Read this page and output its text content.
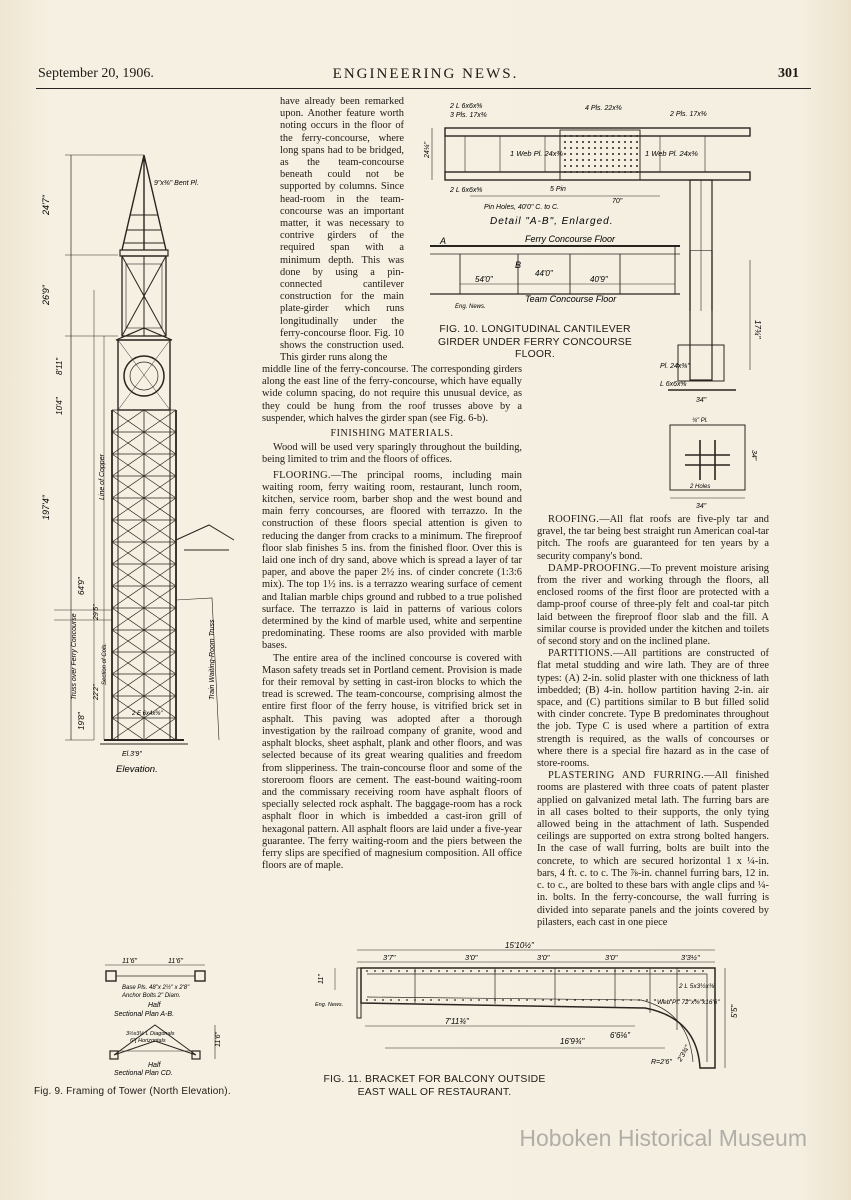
ENGINEERING NEWS.
September 20, 1906.	301
24'7"
26'9"
8'11"
10'4"
197'4"
64'9"
19'8"
22'2"
29'5"
9"x⅜" Bent Pl.
Line of Copper
Truss over Ferry Concourse	Train Waiting-Room Truss
El.3'9"
Section of Cols.
2 E 6x4x⅜"
Elevation.
11'6"	11'6"
11'6"
Base Pls. 48"x 2½" x 2'8"
Anchor Bolts 2" Diam.
Half
Sectional Plan A-B.
3½x3½ L Diagonals
6"[ Horizontals
Half
Sectional Plan CD.
Fig. 9. Framing of Tower (North Elevation).

have already been remarked upon. Another feature worth noting occurs in the floor of the ferry-concourse, where long spans had to be bridged, as the team-concourse beneath could not be supported by columns. Since head-room in the team-concourse was an important matter, it was necessary to contrive girders of the required span with a minimum depth. This was done by using a pin-connected cantilever construction for the main plate-girder which runs longitudinally under the ferry-concourse floor. Fig. 10 shows the construction used. This girder runs along the

middle line of the ferry-concourse. The corresponding girders along the east line of the ferry-concourse, which have equally wide column spacing, do not require this unusual device, as they could be hung from the roof trusses above by a suspender, which halves the girder span (see Fig. 6-b).

FINISHING MATERIALS.

Wood will be used very sparingly throughout the building, being limited to trim and the floors of offices.

FLOORING.—The principal rooms, including main waiting room, ferry waiting room, restaurant, lunch room, kitchen, service room, barber shop and the west bound and main ferry concourses, are floored with terrazzo. In the construction of these floors special attention is given to reducing the danger from cracks to a minimum. The fireproof floor slab finishes 5 ins. from the finished floor. Over this is laid one inch of dry sand, above which is spread a layer of tar paper, and above the paper 2½ ins. of cinder concrete (1:3:6 mix). The top 1½ ins. is a terrazzo wearing surface of cement and Italian marble chips ground and rubbed to a true polished surface. The terrazzo is laid in patterns of various colors determined by the kind of marble used, white and serpentine predominating. These rooms are also provided with marble bases.

The entire area of the inclined concourse is covered with Mason safety treads set in Portland cement. Provision is made for their removal by setting in cast-iron blocks to which the tread is screwed. The team-concourse, comprising almost the entire first floor of the ferry house, is vitrified brick set in asphalt. This paving was adopted after a thorough investigation by the railroad company of granite, wood and asphalt blocks, sheet asphalt, plank and other floors, and was selected because of its great wearing qualities and freedom from slipperiness. The train-concourse floor and some of the storeroom floors are cement. The east-bound waiting-room and the commissary receiving room have asphalt floors of specially selected rock asphalt. The baggage-room has a rock asphalt floor in which is imbedded a cast-iron grill of hexagonal pattern. All asphalt floors are laid under a five-year guarantee. The ferry waiting-room and the piers between the ferry slips are specified of magnesium composition. All office floors are of maple.

2 L 6x6x⅝
3 Pls. 17x⅜
1 Web Pl. 24x⅜	1 Web Pl. 24x⅜
4 Pls. 22x⅜
5 Pin
2 Pls. 17x⅜
2 L 6x6x⅝
Pin Holes, 40'0" C. to C.
70"
24¼"
Detail "A-B", Enlarged.
A
B
Ferry Concourse Floor
Team Concourse Floor
54'0"
44'0"
40'9"
Eng. News.
FIG. 10. LONGITUDINAL CANTILEVER GIRDER UNDER FERRY CONCOURSE FLOOR.
17¾"
Pl. 24x⅜"
L 6x6x⅝
34"
¾" Pl.
2 Holes
34"
34"

ROOFING.—All flat roofs are five-ply tar and gravel, the tar being best straight run American coal-tar pitch. The roofs are guaranteed for ten years by a security company's bond.

DAMP-PROOFING.—To prevent moisture arising from the river and working through the floors, all enclosed rooms of the first floor are protected with a damp-proof course of three-ply felt and coal-tar pitch laid between the fireproof floor slab and the fill. A similar course is provided under the kitchen and toilets of second story and on the inclined plane.

PARTITIONS.—All partitions are constructed of flat metal studding and wire lath. They are of three types: (A) 2-in. solid plaster with one thickness of lath imbedded; (B) 4-in. hollow partition having 2-in. air space, and (C) partitions similar to B but filled solid with cinder concrete. Type B predominates throughout the job. Type C is used where a partition of extra strength is required, as the walls of concourses or where there is a special fire hazard as in the case of store-rooms.

PLASTERING AND FURRING.—All finished rooms are plastered with three coats of patent plaster applied on galvanized metal lath. The furring bars are in all cases bolted to their supports, the only tying allowed being in the attachment of lath. Suspended ceilings are supported on extra strong bolted hangers. In the case of wall furring, bolts are built into the concrete, to which are secured horizontal 1 x ¼-in. bars, 4 ft. c. to c. The ⅞-in. channel furring bars, 12 in. c. to c., are bolted to these bars with angle clips and ¼-in. bolts. In the ferry-concourse, the wall furring is divided into separate panels and the joints covered by pilasters, each cast in one piece

15'10½"
3'7"	3'0"	3'0"	3'0"	3'3½"
7'11¾"
16'9¾"
6'6⅛"
5'5"
11"
2'3¾"
R=2'6"
Web Pl. 72"x⅜"x16'6"
2 L 5x3½x⅜
Eng. News.
FIG. 11. BRACKET FOR BALCONY OUTSIDE EAST WALL OF RESTAURANT.
Hoboken Historical Museum
